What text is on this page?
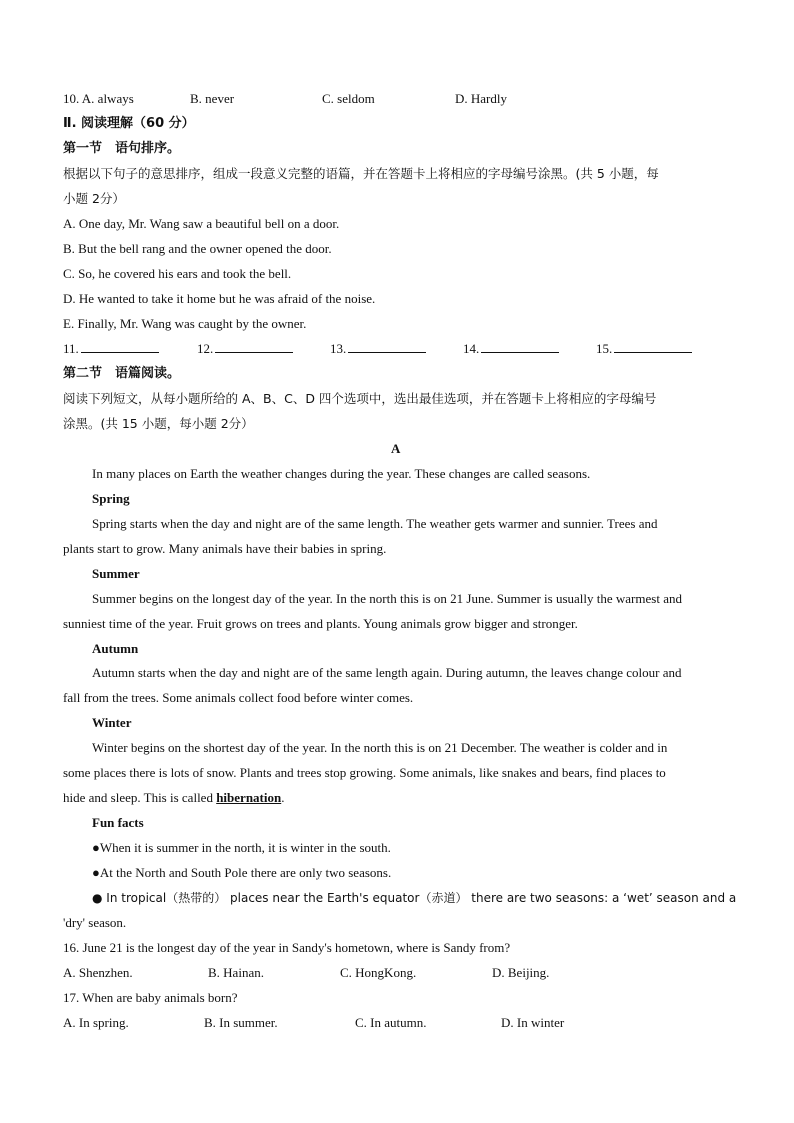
10. A. always	B. never	C. seldom	D. Hardly
Ⅱ. 阅读理解（60 分）
第一节　语句排序。
根据以下句子的意思排序，组成一段意义完整的语篇，并在答题卡上将相应的字母编号涂黑。(共 5 小题，每
小题 2分）
A. One day, Mr. Wang saw a beautiful bell on a door.
B. But the bell rang and the owner opened the door.
C. So, he covered his ears and took the bell.
D. He wanted to take it home but he was afraid of the noise.
E. Finally, Mr. Wang was caught by the owner.
11.	12.	13.	14.	15.
第二节　语篇阅读。
阅读下列短文，从每小题所给的 A、B、C、D 四个选项中，选出最佳选项，并在答题卡上将相应的字母编号
涂黑。(共 15 小题，每小题 2分）
A
In many places on Earth the weather changes during the year. These changes are called seasons.
Spring
Spring starts when the day and night are of the same length. The weather gets warmer and sunnier. Trees and
plants start to grow. Many animals have their babies in spring.
Summer
Summer begins on the longest day of the year. In the north this is on 21 June. Summer is usually the warmest and
sunniest time of the year. Fruit grows on trees and plants. Young animals grow bigger and stronger.
Autumn
Autumn starts when the day and night are of the same length again. During autumn, the leaves change colour and
fall from the trees. Some animals collect food before winter comes.
Winter
Winter begins on the shortest day of the year. In the north this is on 21 December. The weather is colder and in
some places there is lots of snow. Plants and trees stop growing. Some animals, like snakes and bears, find places to
hide and sleep. This is called hibernation.
Fun facts
●When it is summer in the north, it is winter in the south.
●At the North and South Pole there are only two seasons.
● In tropical（热带的） places near the Earth's equator（赤道） there are two seasons: a ‘wet’ season and a
'dry' season.
16. June 21 is the longest day of the year in Sandy's hometown, where is Sandy from?
A. Shenzhen.	B. Hainan.	C. HongKong.	D. Beijing.
17. When are baby animals born?
A. In spring.	B. In summer.	C. In autumn.	D. In winter
